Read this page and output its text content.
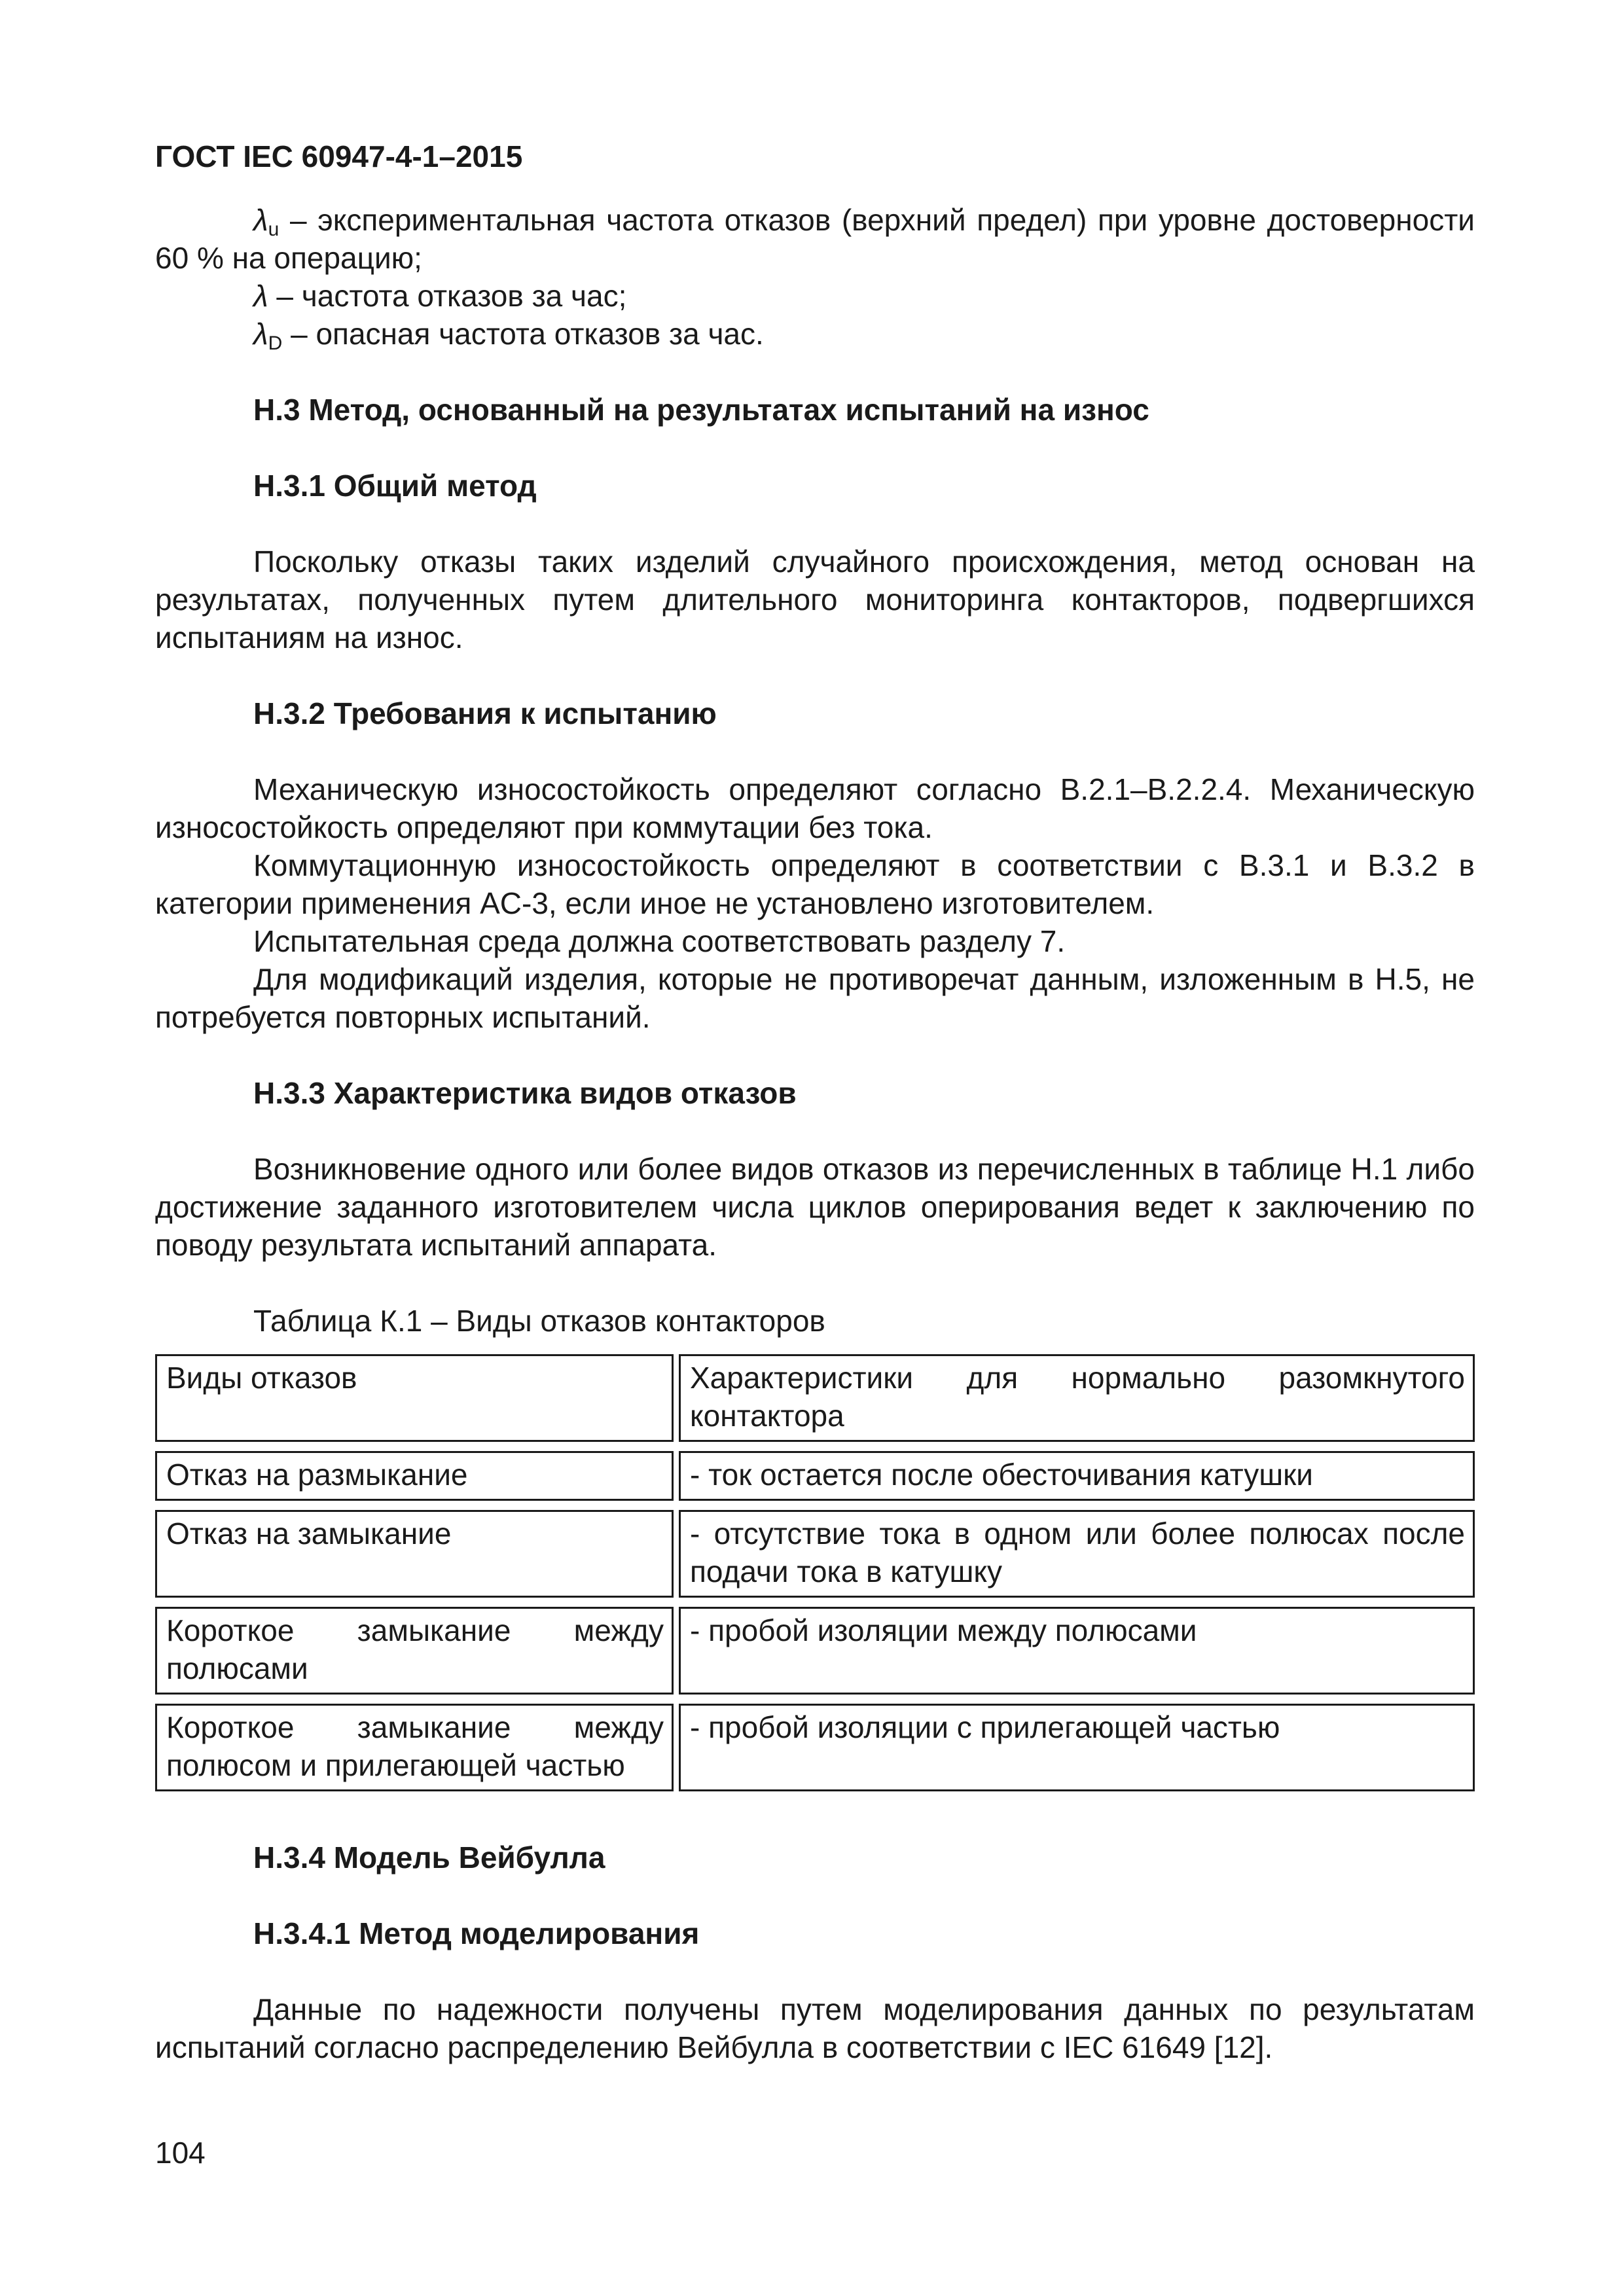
ГОСТ IEC 60947-4-1–2015

$\lambda_u$ – экспериментальная частота отказов (верхний предел) при уровне достоверности 60 % на операцию;

λ – частота отказов за час;

$\lambda_D$ – опасная частота отказов за час.

H.3 Метод, основанный на результатах испытаний на износ
H.3.1 Общий метод

Поскольку отказы таких изделий случайного происхождения, метод основан на результатах, полученных путем длительного мониторинга контакторов, подвергшихся испытаниям на износ.

H.3.2 Требования к испытанию

Механическую износостойкость определяют согласно B.2.1–B.2.2.4. Механическую износостойкость определяют при коммутации без тока.

Коммутационную износостойкость определяют в соответствии с B.3.1 и B.3.2 в категории применения AC-3, если иное не установлено изготовителем.

Испытательная среда должна соответствовать разделу 7.

Для модификаций изделия, которые не противоречат данным, изложенным в H.5, не потребуется повторных испытаний.

H.3.3 Характеристика видов отказов

Возникновение одного или более видов отказов из перечисленных в таблице H.1 либо достижение заданного изготовителем числа циклов оперирования ведет к заключению по поводу результата испытаний аппарата.

Таблица К.1 – Виды отказов контакторов
Виды отказов	Характеристики для нормально разомкнутого контактора
Отказ на размыкание	- ток остается после обесточивания катушки
Отказ на замыкание	- отсутствие тока в одном или более полюсах после подачи тока в катушку
Короткое замыкание между полюсами	- пробой изоляции между полюсами
Короткое замыкание между полюсом и прилегающей частью	- пробой изоляции с прилегающей частью
H.3.4 Модель Вейбулла
H.3.4.1 Метод моделирования

Данные по надежности получены путем моделирования данных по результатам испытаний согласно распределению Вейбулла в соответствии с IEC 61649 [12].

104
